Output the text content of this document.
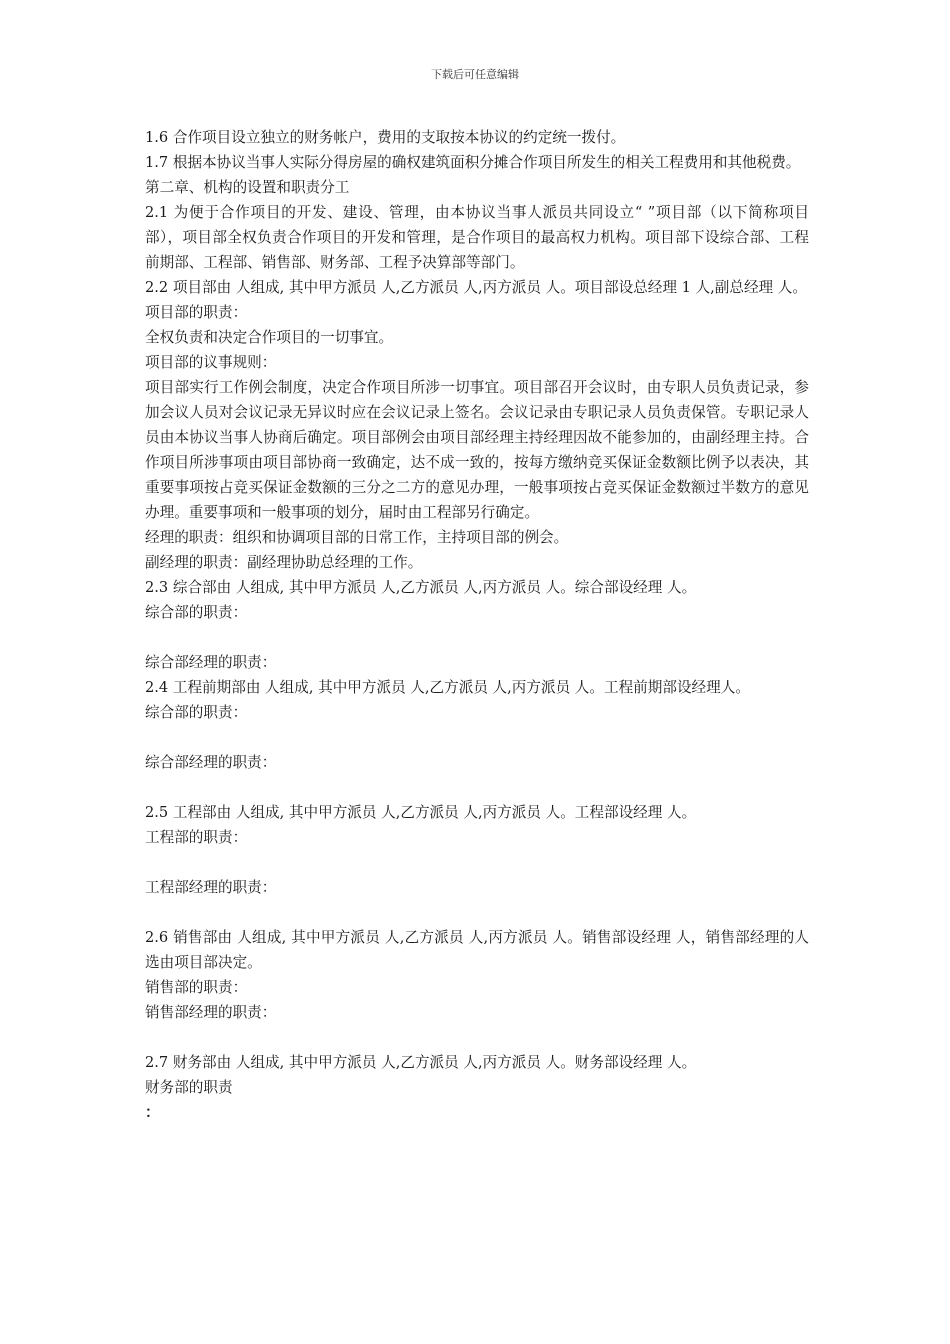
下载后可任意编辑

1.6 合作项目设立独立的财务帐户，费用的支取按本协议的约定统一拨付。

1.7 根据本协议当事人实际分得房屋的确权建筑面积分摊合作项目所发生的相关工程费用和其他税费。

第二章、机构的设置和职责分工

2.1 为便于合作项目的开发、建设、管理，由本协议当事人派员共同设立“ ”项目部（以下简称项目部），项目部全权负责合作项目的开发和管理，是合作项目的最高权力机构。项目部下设综合部、工程前期部、工程部、销售部、财务部、工程予决算部等部门。

2.2 项目部由 人组成, 其中甲方派员 人,乙方派员 人,丙方派员 人。项目部设总经理 1 人,副总经理 人。

项目部的职责：

全权负责和决定合作项目的一切事宜。

项目部的议事规则：

项目部实行工作例会制度，决定合作项目所涉一切事宜。项目部召开会议时，由专职人员负责记录，参加会议人员对会议记录无异议时应在会议记录上签名。会议记录由专职记录人员负责保管。专职记录人员由本协议当事人协商后确定。项目部例会由项目部经理主持经理因故不能参加的，由副经理主持。合作项目所涉事项由项目部协商一致确定，达不成一致的，按每方缴纳竞买保证金数额比例予以表决，其重要事项按占竞买保证金数额的三分之二方的意见办理，一般事项按占竞买保证金数额过半数方的意见办理。重要事项和一般事项的划分，届时由工程部另行确定。

经理的职责：组织和协调项目部的日常工作，主持项目部的例会。

副经理的职责：副经理协助总经理的工作。

2.3 综合部由 人组成, 其中甲方派员 人,乙方派员 人,丙方派员 人。综合部设经理 人。

综合部的职责：

综合部经理的职责：

2.4 工程前期部由 人组成, 其中甲方派员 人,乙方派员 人,丙方派员 人。工程前期部设经理人。

综合部的职责：

综合部经理的职责：

2.5 工程部由 人组成, 其中甲方派员 人,乙方派员 人,丙方派员 人。工程部设经理 人。

工程部的职责：

工程部经理的职责：

2.6 销售部由 人组成, 其中甲方派员 人,乙方派员 人,丙方派员 人。销售部设经理 人，销售部经理的人选由项目部决定。

销售部的职责：

销售部经理的职责：

2.7 财务部由 人组成, 其中甲方派员 人,乙方派员 人,丙方派员 人。财务部设经理 人。

财务部的职责

：
